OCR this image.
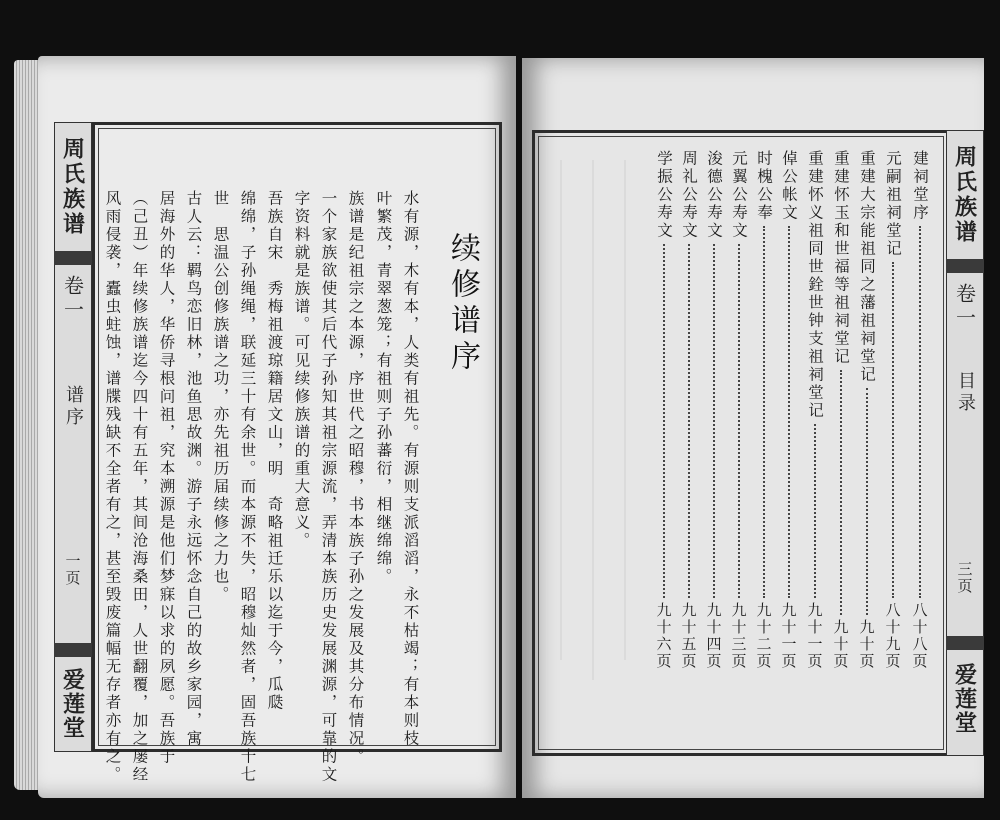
周氏族谱
卷一
谱序
一页
爱莲堂
续修谱序
水有源，木有本，人类有祖先。有源则支派滔滔，永不枯竭；有本则枝
叶繁茂，青翠葱笼；有祖则子孙蕃衍，相继绵绵。
族谱是纪祖宗之本源，序世代之昭穆，书本族子孙之发展及其分布情况。
一个家族欲使其后代子孙知其祖宗源流，弄清本族历史发展渊源，可靠的文
字资料就是族谱。可见续修族谱的重大意义。
吾族自宋　秀梅祖渡琼籍居文山，明　奇略祖迁乐以迄于今，瓜瓞
绵绵，子孙绳绳，联延三十有余世。而本源不失，昭穆灿然者，固吾族十七
世　思温公创修族谱之功，亦先祖历届续修之力也。
古人云：羁鸟恋旧林，池鱼思故渊。游子永远怀念自己的故乡家园，寓
居海外的华人，华侨寻根问祖，究本溯源是他们梦寐以求的夙愿。吾族于
（己丑）年续修族谱迄今四十有五年，其间沧海桑田，人世翻覆，加之屡经
风雨侵袭，蠹虫蛀蚀，谱牒残缺不全者有之，甚至毁废篇幅无存者亦有之。	周氏族谱
卷一
目录
三页
爱莲堂
建祠堂序
八十八页
元嗣祖祠堂记
八十九页
重建大宗能祖同之藩祖祠堂记
九十页
重建怀玉和世福等祖祠堂记
九十页
重建怀义祖同世銓世钟支祖祠堂记
九十一页
倬公帐文
九十一页
时槐公奉
九十二页
元翼公寿文
九十三页
浚德公寿文
九十四页
周礼公寿文
九十五页
学振公寿文
九十六页
